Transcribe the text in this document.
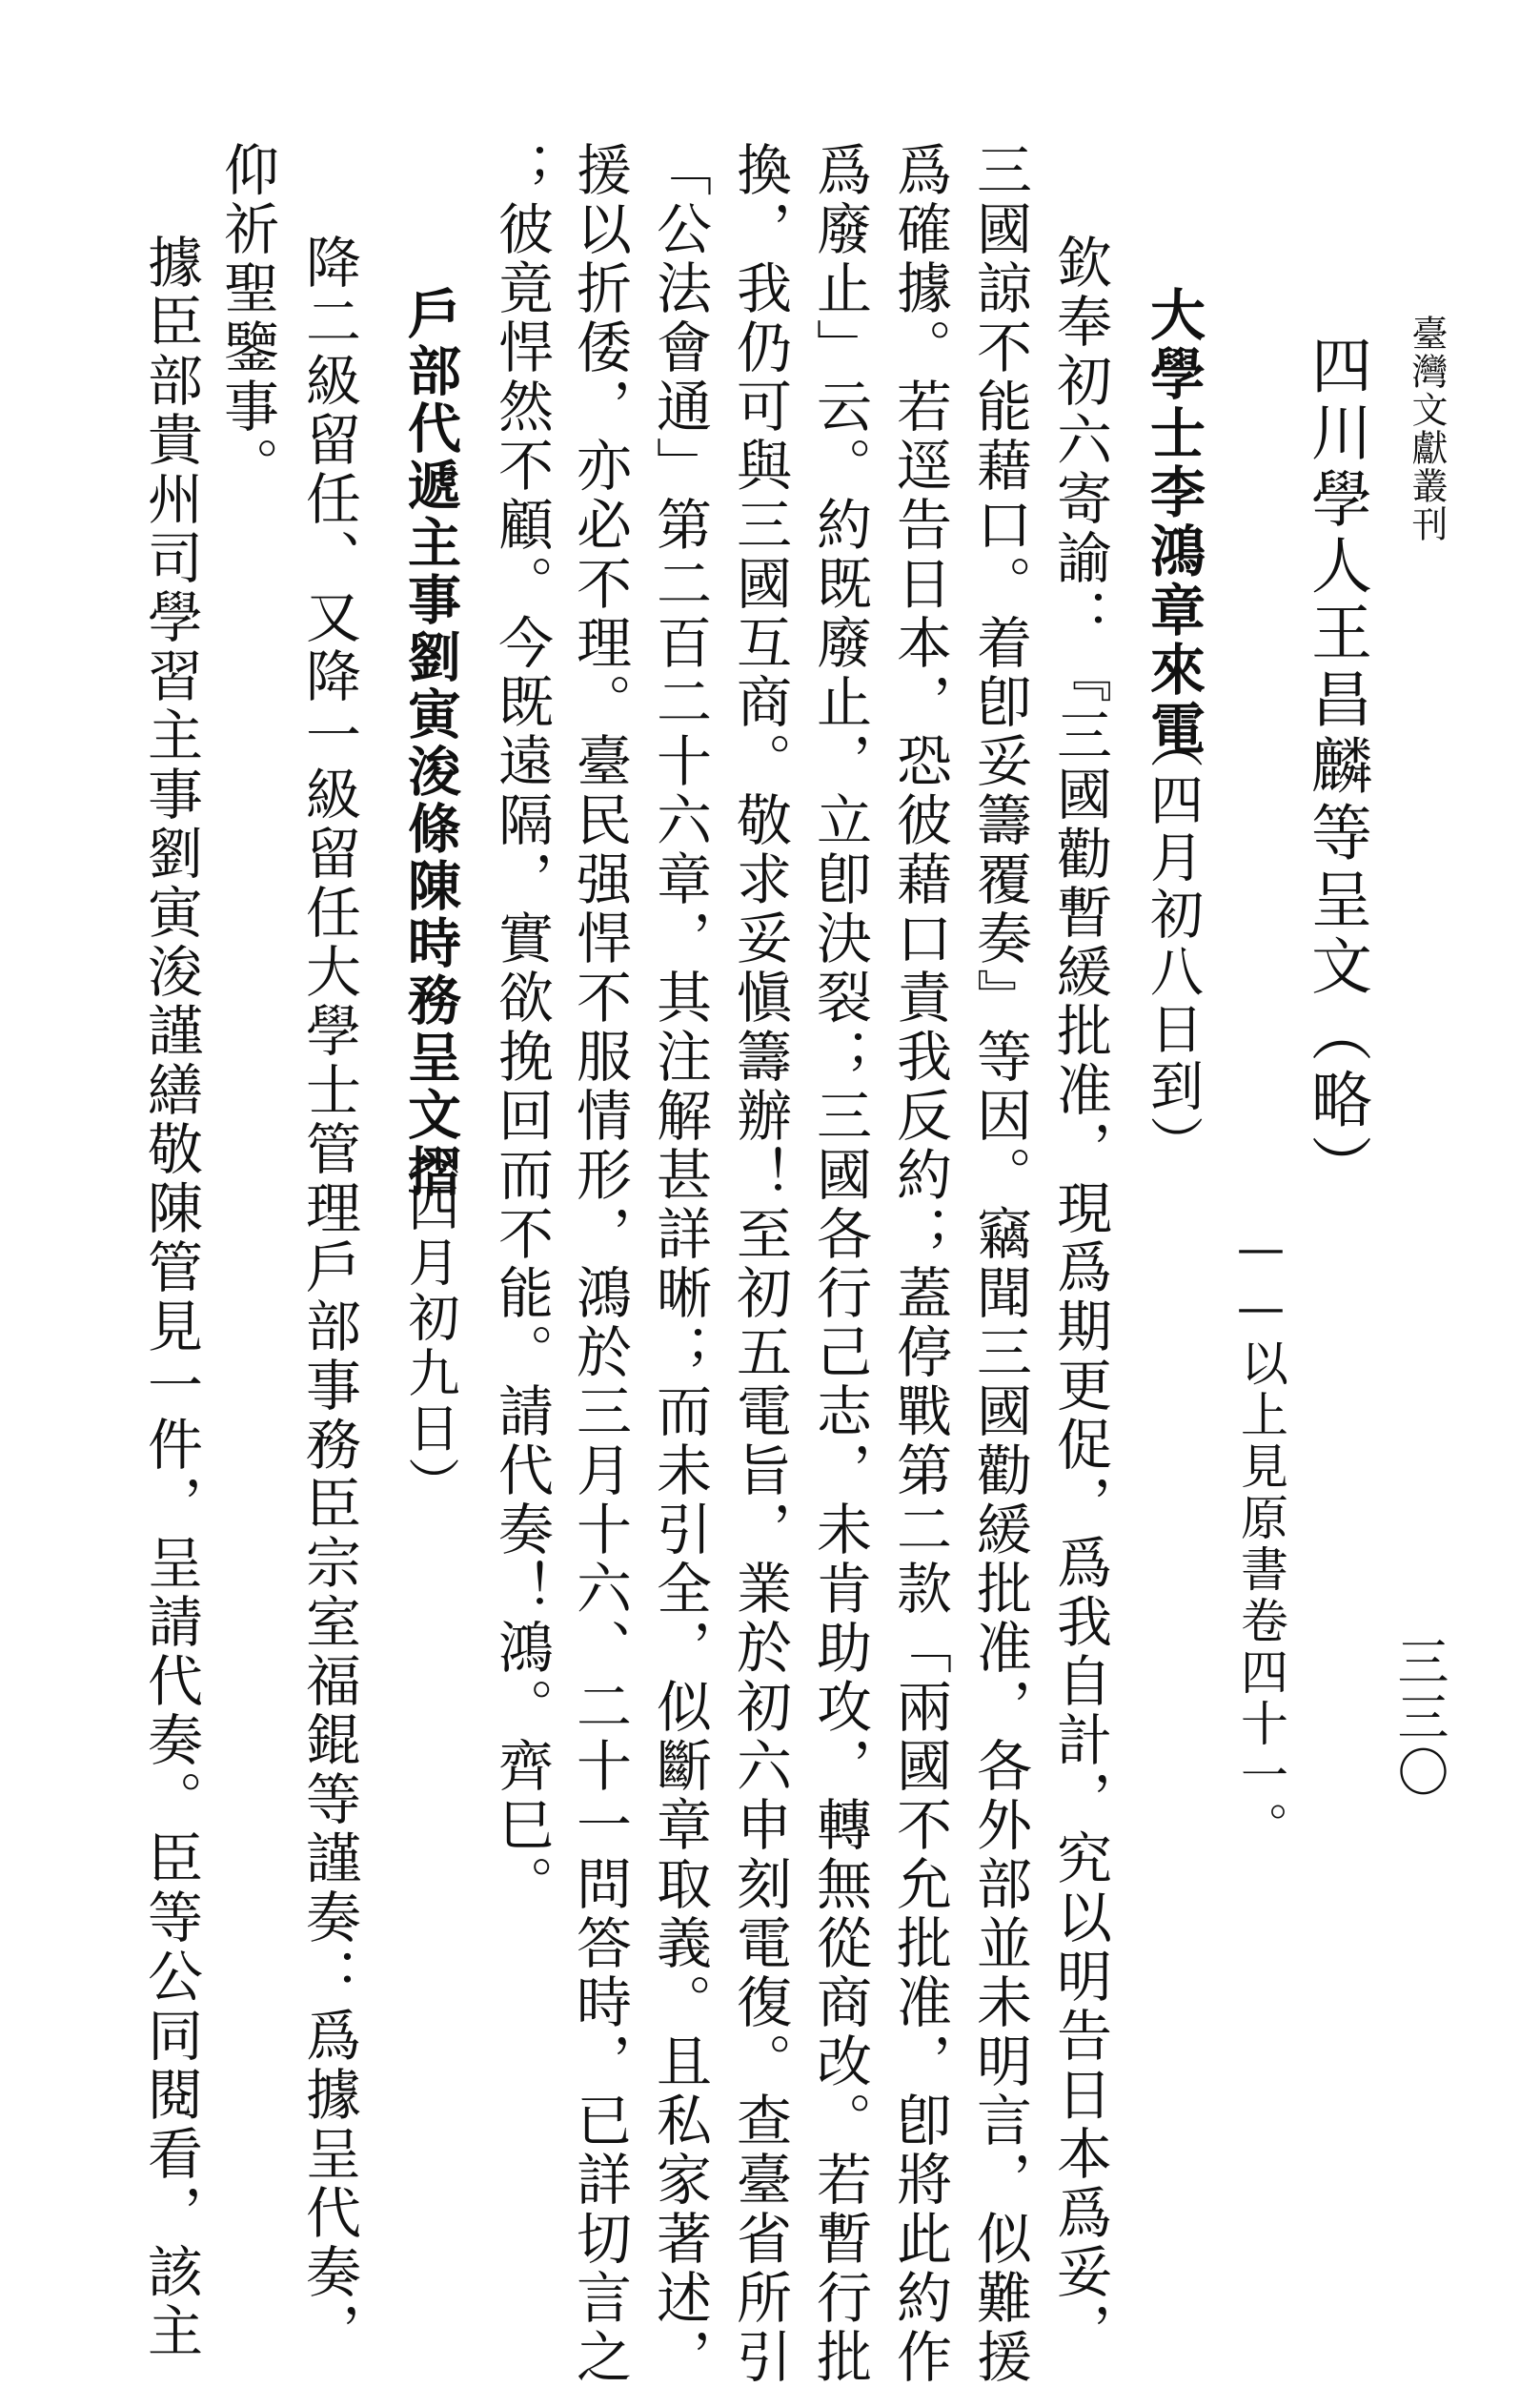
臺灣文獻叢刊
三三〇
四川學人王昌麟等呈文（略）
——以上見原書卷四十一。
大學士李鴻章來電
（四月初八日到）
欽奉初六寄諭：『三國勸暫緩批准，現爲期更促，爲我自計，究以明告日本爲妥，
三國諒不能藉口。着卽妥籌覆奏』等因。竊聞三國勸緩批准，各外部並未明言，似難援
爲確據。若逕告日本，恐彼藉口責我反約；蓋停戰第二款「兩國不允批准，卽將此約作
爲廢止」云。約既廢止，立卽決裂；三國各行己志，未肯助攻，轉無從商改。若暫行批
換，我仍可與三國互商。敬求妥愼籌辦！至初五電旨，業於初六申刻電復。查臺省所引
「公法會通」第二百二十六章，其注解甚詳晰；而未引全，似斷章取義。且私家著述，
援以折倭，亦必不理。臺民强悍不服情形，鴻於三月十六、二十一問答時，已詳切言之
；彼竟悍然不顧。今既遠隔，實欲挽回而不能。請代奏！鴻。齊巳。
戶部代遞主事劉寅浚條陳時務呈文摺
（四月初九日）
降二級留任、又降一級留任大學士管理戶部事務臣宗室福錕等謹奏：爲據呈代奏，
仰祈聖鑒事。
據臣部貴州司學習主事劉寅浚謹繕敬陳管見一件，呈請代奏。臣等公同閱看，該主
